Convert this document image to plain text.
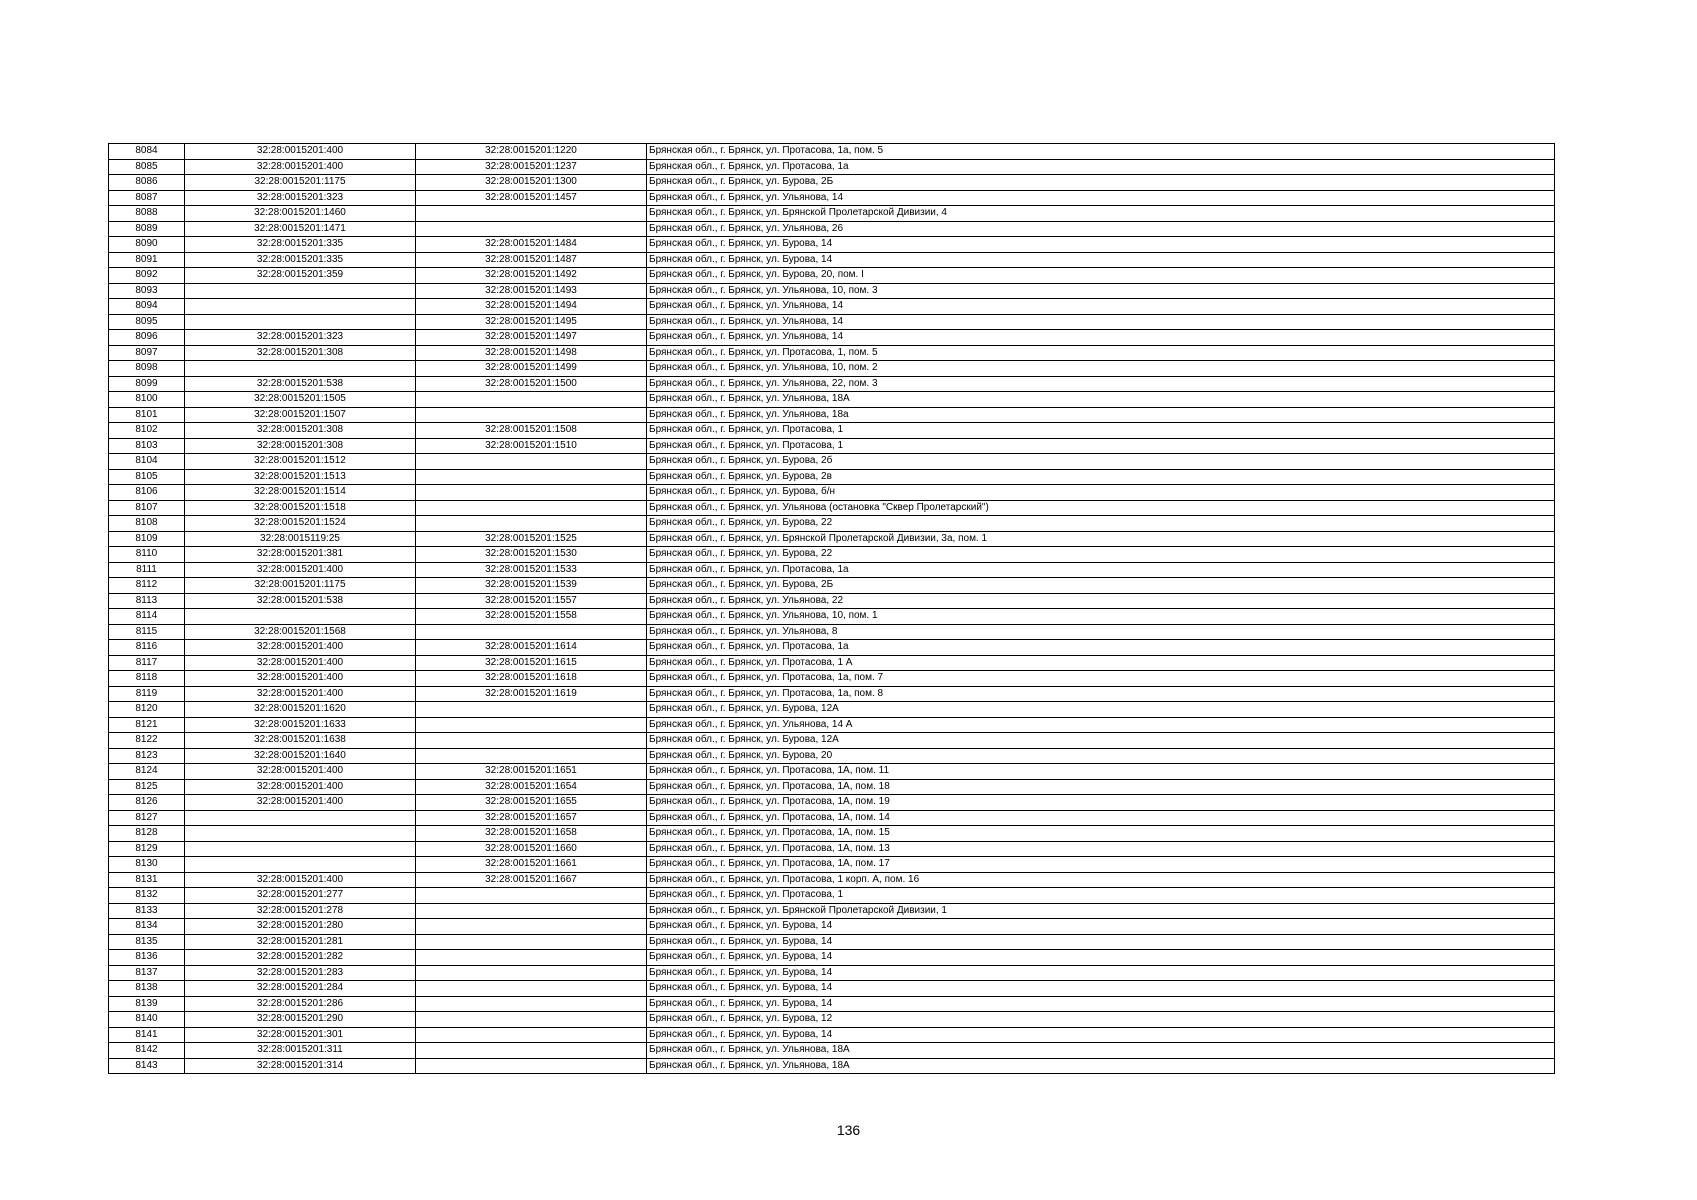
8084	32:28:0015201:400	32:28:0015201:1220	Брянская обл., г. Брянск, ул. Протасова, 1а, пом. 5
8085	32:28:0015201:400	32:28:0015201:1237	Брянская обл., г. Брянск, ул. Протасова, 1а
8086	32:28:0015201:1175	32:28:0015201:1300	Брянская обл., г. Брянск, ул. Бурова, 2Б
8087	32:28:0015201:323	32:28:0015201:1457	Брянская обл., г. Брянск, ул. Ульянова, 14
8088	32:28:0015201:1460		Брянская обл., г. Брянск, ул. Брянской Пролетарской Дивизии, 4
8089	32:28:0015201:1471		Брянская обл., г. Брянск, ул. Ульянова, 26
8090	32:28:0015201:335	32:28:0015201:1484	Брянская обл., г. Брянск, ул. Бурова, 14
8091	32:28:0015201:335	32:28:0015201:1487	Брянская обл., г. Брянск, ул. Бурова, 14
8092	32:28:0015201:359	32:28:0015201:1492	Брянская обл., г. Брянск, ул. Бурова, 20, пом. I
8093		32:28:0015201:1493	Брянская обл., г. Брянск, ул. Ульянова, 10, пом. 3
8094		32:28:0015201:1494	Брянская обл., г. Брянск, ул. Ульянова, 14
8095		32:28:0015201:1495	Брянская обл., г. Брянск, ул. Ульянова, 14
8096	32:28:0015201:323	32:28:0015201:1497	Брянская обл., г. Брянск, ул. Ульянова, 14
8097	32:28:0015201:308	32:28:0015201:1498	Брянская обл., г. Брянск, ул. Протасова, 1, пом. 5
8098		32:28:0015201:1499	Брянская обл., г. Брянск, ул. Ульянова, 10, пом. 2
8099	32:28:0015201:538	32:28:0015201:1500	Брянская обл., г. Брянск, ул. Ульянова, 22, пом. 3
8100	32:28:0015201:1505		Брянская обл., г. Брянск, ул. Ульянова, 18А
8101	32:28:0015201:1507		Брянская обл., г. Брянск, ул. Ульянова, 18а
8102	32:28:0015201:308	32:28:0015201:1508	Брянская обл., г. Брянск, ул. Протасова, 1
8103	32:28:0015201:308	32:28:0015201:1510	Брянская обл., г. Брянск, ул. Протасова, 1
8104	32:28:0015201:1512		Брянская обл., г. Брянск, ул. Бурова, 2б
8105	32:28:0015201:1513		Брянская обл., г. Брянск, ул. Бурова, 2в
8106	32:28:0015201:1514		Брянская обл., г. Брянск, ул. Бурова, б/н
8107	32:28:0015201:1518		Брянская обл., г. Брянск, ул. Ульянова (остановка "Сквер Пролетарский")
8108	32:28:0015201:1524		Брянская обл., г. Брянск, ул. Бурова, 22
8109	32:28:0015119:25	32:28:0015201:1525	Брянская обл., г. Брянск, ул. Брянской Пролетарской Дивизии, 3а, пом. 1
8110	32:28:0015201:381	32:28:0015201:1530	Брянская обл., г. Брянск, ул. Бурова, 22
8111	32:28:0015201:400	32:28:0015201:1533	Брянская обл., г. Брянск, ул. Протасова, 1а
8112	32:28:0015201:1175	32:28:0015201:1539	Брянская обл., г. Брянск, ул. Бурова, 2Б
8113	32:28:0015201:538	32:28:0015201:1557	Брянская обл., г. Брянск, ул. Ульянова, 22
8114		32:28:0015201:1558	Брянская обл., г. Брянск, ул. Ульянова, 10, пом. 1
8115	32:28:0015201:1568		Брянская обл., г. Брянск, ул. Ульянова, 8
8116	32:28:0015201:400	32:28:0015201:1614	Брянская обл., г. Брянск, ул. Протасова, 1а
8117	32:28:0015201:400	32:28:0015201:1615	Брянская обл., г. Брянск, ул. Протасова, 1 А
8118	32:28:0015201:400	32:28:0015201:1618	Брянская обл., г. Брянск, ул. Протасова, 1а, пом. 7
8119	32:28:0015201:400	32:28:0015201:1619	Брянская обл., г. Брянск, ул. Протасова, 1а, пом. 8
8120	32:28:0015201:1620		Брянская обл., г. Брянск, ул. Бурова, 12А
8121	32:28:0015201:1633		Брянская обл., г. Брянск, ул. Ульянова, 14 А
8122	32:28:0015201:1638		Брянская обл., г. Брянск, ул. Бурова, 12А
8123	32:28:0015201:1640		Брянская обл., г. Брянск, ул. Бурова, 20
8124	32:28:0015201:400	32:28:0015201:1651	Брянская обл., г. Брянск, ул. Протасова, 1А, пом. 11
8125	32:28:0015201:400	32:28:0015201:1654	Брянская обл., г. Брянск, ул. Протасова, 1А, пом. 18
8126	32:28:0015201:400	32:28:0015201:1655	Брянская обл., г. Брянск, ул. Протасова, 1А, пом. 19
8127		32:28:0015201:1657	Брянская обл., г. Брянск, ул. Протасова, 1А, пом. 14
8128		32:28:0015201:1658	Брянская обл., г. Брянск, ул. Протасова, 1А, пом. 15
8129		32:28:0015201:1660	Брянская обл., г. Брянск, ул. Протасова, 1А, пом. 13
8130		32:28:0015201:1661	Брянская обл., г. Брянск, ул. Протасова, 1А, пом. 17
8131	32:28:0015201:400	32:28:0015201:1667	Брянская обл., г. Брянск, ул. Протасова, 1 корп. А, пом. 16
8132	32:28:0015201:277		Брянская обл., г. Брянск, ул. Протасова, 1
8133	32:28:0015201:278		Брянская обл., г. Брянск, ул. Брянской Пролетарской Дивизии, 1
8134	32:28:0015201:280		Брянская обл., г. Брянск, ул. Бурова, 14
8135	32:28:0015201:281		Брянская обл., г. Брянск, ул. Бурова, 14
8136	32:28:0015201:282		Брянская обл., г. Брянск, ул. Бурова, 14
8137	32:28:0015201:283		Брянская обл., г. Брянск, ул. Бурова, 14
8138	32:28:0015201:284		Брянская обл., г. Брянск, ул. Бурова, 14
8139	32:28:0015201:286		Брянская обл., г. Брянск, ул. Бурова, 14
8140	32:28:0015201:290		Брянская обл., г. Брянск, ул. Бурова, 12
8141	32:28:0015201:301		Брянская обл., г. Брянск, ул. Бурова, 14
8142	32:28:0015201:311		Брянская обл., г. Брянск, ул. Ульянова, 18А
8143	32:28:0015201:314		Брянская обл., г. Брянск, ул. Ульянова, 18А
136
